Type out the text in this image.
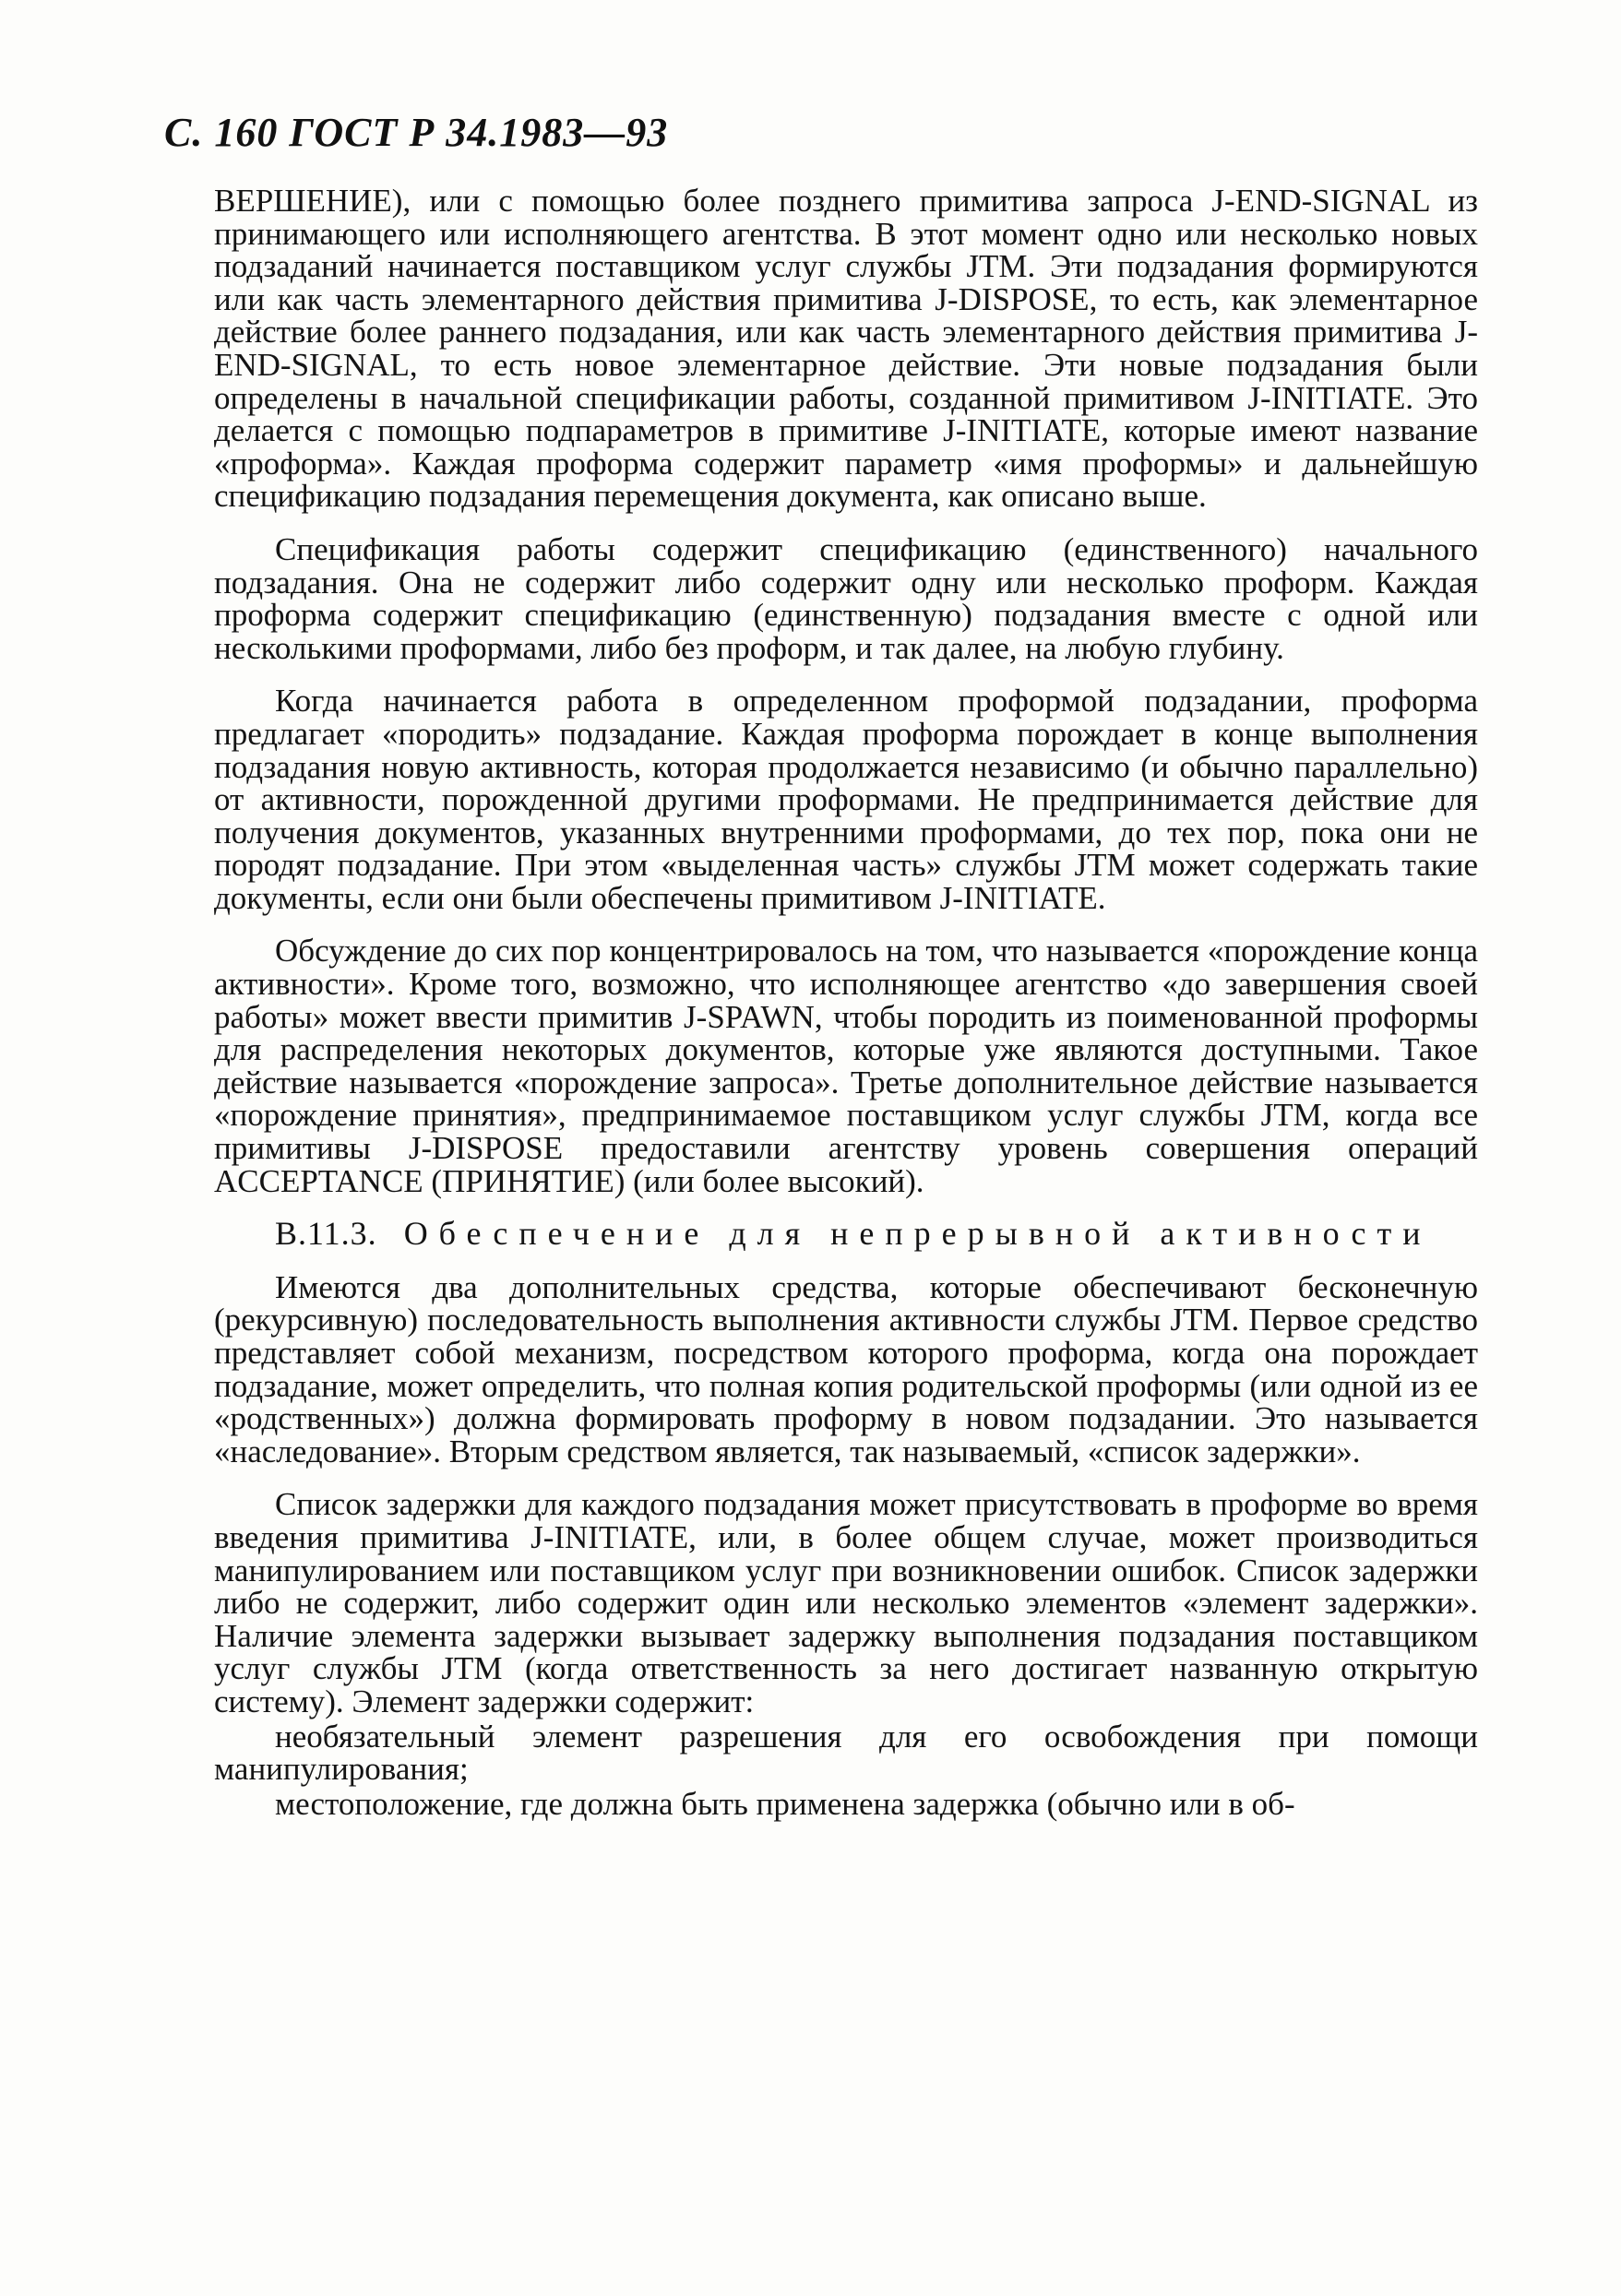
С. 160 ГОСТ Р 34.1983—93

ВЕРШЕНИЕ), или с помощью более позднего примитива запроса J-END-SIGNAL из принимающего или исполняющего агентства. В этот момент одно или несколько новых подзаданий начинается поставщиком услуг службы JTM. Эти подзадания формируются или как часть элементарного действия примитива J-DISPOSE, то есть, как элементарное действие более раннего подзадания, или как часть элементарного действия примитива J-END-SIGNAL, то есть новое элементарное действие. Эти новые подзадания были определены в начальной спецификации работы, созданной примитивом J-INITIATE. Это делается с помощью подпараметров в примитиве J-INITIATE, которые имеют название «проформа». Каждая проформа содержит параметр «имя проформы» и дальнейшую спецификацию подзадания перемещения документа, как описано выше.

Спецификация работы содержит спецификацию (единственного) начального подзадания. Она не содержит либо содержит одну или несколько проформ. Каждая проформа содержит спецификацию (единственную) подзадания вместе с одной или несколькими проформами, либо без проформ, и так далее, на любую глубину.

Когда начинается работа в определенном проформой подзадании, проформа предлагает «породить» подзадание. Каждая проформа порождает в конце выполнения подзадания новую активность, которая продолжается независимо (и обычно параллельно) от активности, порожденной другими проформами. Не предпринимается действие для получения документов, указанных внутренними проформами, до тех пор, пока они не породят подзадание. При этом «выделенная часть» службы JTM может содержать такие документы, если они были обеспечены примитивом J-INITIATE.

Обсуждение до сих пор концентрировалось на том, что называется «порождение конца активности». Кроме того, возможно, что исполняющее агентство «до завершения своей работы» может ввести примитив J-SPAWN, чтобы породить из поименованной проформы для распределения некоторых документов, которые уже являются доступными. Такое действие называется «порождение запроса». Третье дополнительное действие называется «порождение принятия», предпринимаемое поставщиком услуг службы JTM, когда все примитивы J-DISPOSE предоставили агентству уровень совершения операций ACCEPTANCE (ПРИНЯТИЕ) (или более высокий).

В.11.3. Обеспечение для непрерывной активности

Имеются два дополнительных средства, которые обеспечивают бесконечную (рекурсивную) последовательность выполнения активности службы JTM. Первое средство представляет собой механизм, посредством которого проформа, когда она порождает подзадание, может определить, что полная копия родительской проформы (или одной из ее «родственных») должна формировать проформу в новом подзадании. Это называется «наследование». Вторым средством является, так называемый, «список задержки».

Список задержки для каждого подзадания может присутствовать в проформе во время введения примитива J-INITIATE, или, в более общем случае, может производиться манипулированием или поставщиком услуг при возникновении ошибок. Список задержки либо не содержит, либо содержит один или несколько элементов «элемент задержки». Наличие элемента задержки вызывает задержку выполнения подзадания поставщиком услуг службы JTM (когда ответственность за него достигает названную открытую систему). Элемент задержки содержит:

необязательный элемент разрешения для его освобождения при помощи манипулирования;

местоположение, где должна быть применена задержка (обычно или в об-
